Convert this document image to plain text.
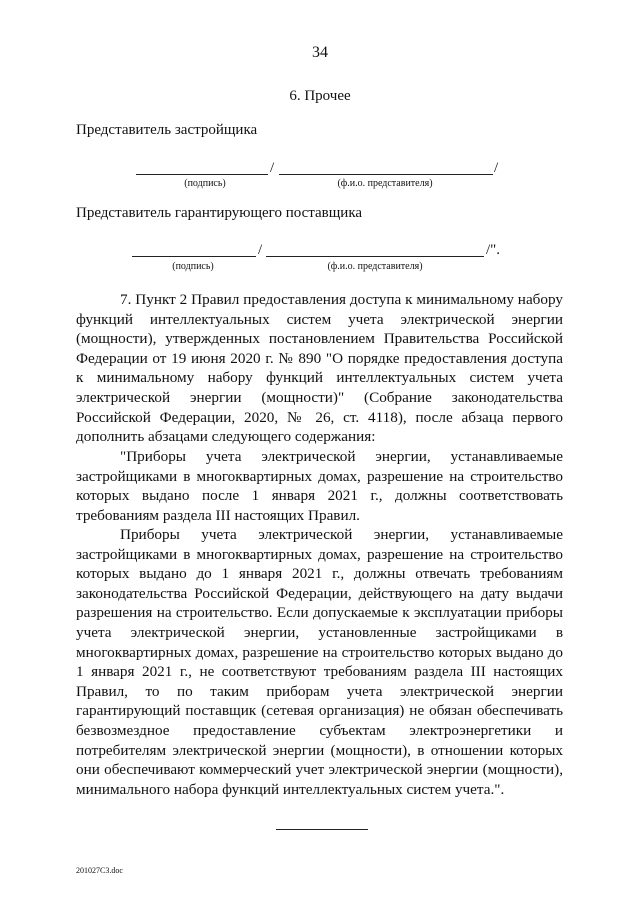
34
6. Прочее
Представитель застройщика
/	/
(подпись)	(ф.и.о. представителя)
Представитель гарантирующего поставщика
/	/".
(подпись)	(ф.и.о. представителя)
7. Пункт 2 Правил предоставления доступа к минимальному набору функций интеллектуальных систем учета электрической энергии (мощности), утвержденных постановлением Правительства Российской Федерации от 19 июня 2020 г. № 890 "О порядке предоставления доступа к минимальному набору функций интеллектуальных систем учета электрической энергии (мощности)" (Собрание законодательства Российской Федерации, 2020, № 26, ст. 4118), после абзаца первого дополнить абзацами следующего содержания:
"Приборы учета электрической энергии, устанавливаемые застройщиками в многоквартирных домах, разрешение на строительство которых выдано после 1 января 2021 г., должны соответствовать требованиям раздела III настоящих Правил.
Приборы учета электрической энергии, устанавливаемые застройщиками в многоквартирных домах, разрешение на строительство которых выдано до 1 января 2021 г., должны отвечать требованиям законодательства Российской Федерации, действующего на дату выдачи разрешения на строительство. Если допускаемые к эксплуатации приборы учета электрической энергии, установленные застройщиками в многоквартирных домах, разрешение на строительство которых выдано до 1 января 2021 г., не соответствуют требованиям раздела III настоящих Правил, то по таким приборам учета электрической энергии гарантирующий поставщик (сетевая организация) не обязан обеспечивать безвозмездное предоставление субъектам электроэнергетики и потребителям электрической энергии (мощности), в отношении которых они обеспечивают коммерческий учет электрической энергии (мощности), минимального набора функций интеллектуальных систем учета.".
201027C3.doc
